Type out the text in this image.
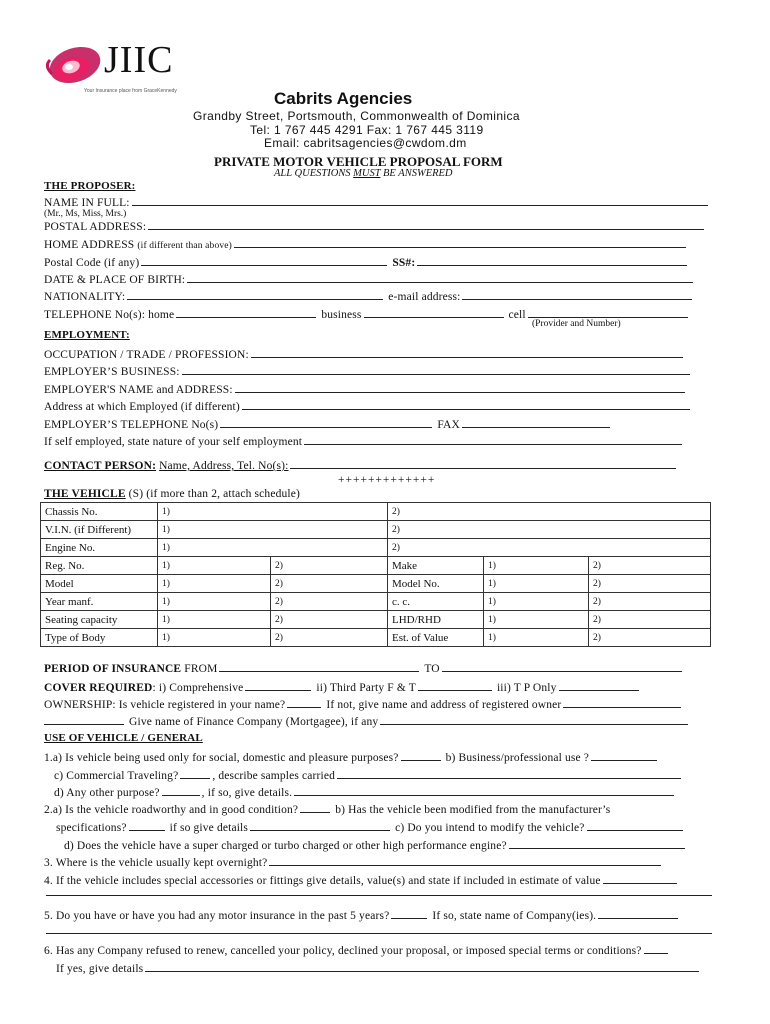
JIIC
Your Insurance place from GraceKennedy	Cabrits Agencies
Grandby Street, Portsmouth, Commonwealth of Dominica
Tel: 1 767 445 4291 Fax: 1 767 445 3119
Email: cabritsagencies@cwdom.dm
PRIVATE MOTOR VEHICLE PROPOSAL FORM
ALL QUESTIONS MUST BE ANSWERED
THE PROPOSER:
NAME IN FULL:
(Mr., Ms, Miss, Mrs.)
POSTAL ADDRESS:
HOME ADDRESS (if different than above)
Postal Code (if any)	SS#:
DATE & PLACE OF BIRTH:
NATIONALITY:	e-mail address:
TELEPHONE No(s): home	business	cell
(Provider and Number)
EMPLOYMENT:
OCCUPATION / TRADE / PROFESSION:
EMPLOYER’S BUSINESS:
EMPLOYER'S NAME and ADDRESS:
Address at which Employed (if different)
EMPLOYER’S TELEPHONE No(s)	FAX
If self employed, state nature of your self employment
CONTACT PERSON: Name, Address, Tel. No(s):
+++++++++++++
THE VEHICLE (S) (if more than 2, attach schedule)
Chassis No.	1)		2)		
V.I.N. (if Different)	1)		2)		
Engine No.	1)		2)		
Reg. No.	1)	2)	Make	1)	2)
Model	1)	2)	Model No.	1)	2)
Year manf.	1)	2)	c. c.	1)	2)
Seating capacity	1)	2)	LHD/RHD	1)	2)
Type of Body	1)	2)	Est. of Value	1)	2)
PERIOD OF INSURANCE FROM	TO
COVER REQUIRED: i) Comprehensive	ii) Third Party F & T	iii) T P Only
OWNERSHIP: Is vehicle registered in your name?	If not, give name and address of registered owner
Give name of Finance Company (Mortgagee), if any
USE OF VEHICLE / GENERAL
1.a) Is vehicle being used only for social, domestic and pleasure purposes?	b) Business/professional use ?
c) Commercial Traveling?	, describe samples carried
d) Any other purpose?	, if so, give details.
2.a) Is the vehicle roadworthy and in good condition?	b) Has the vehicle been modified from the manufacturer’s
specifications?	if so give details	c) Do you intend to modify the vehicle?
d) Does the vehicle have a super charged or turbo charged or other high performance engine?
3. Where is the vehicle usually kept overnight?
4. If the vehicle includes special accessories or fittings give details, value(s) and state if included in estimate of value
5. Do you have or have you had any motor insurance in the past 5 years?	If so, state name of Company(ies).
6. Has any Company refused to renew, cancelled your policy, declined your proposal, or imposed special terms or conditions?
If yes, give details
